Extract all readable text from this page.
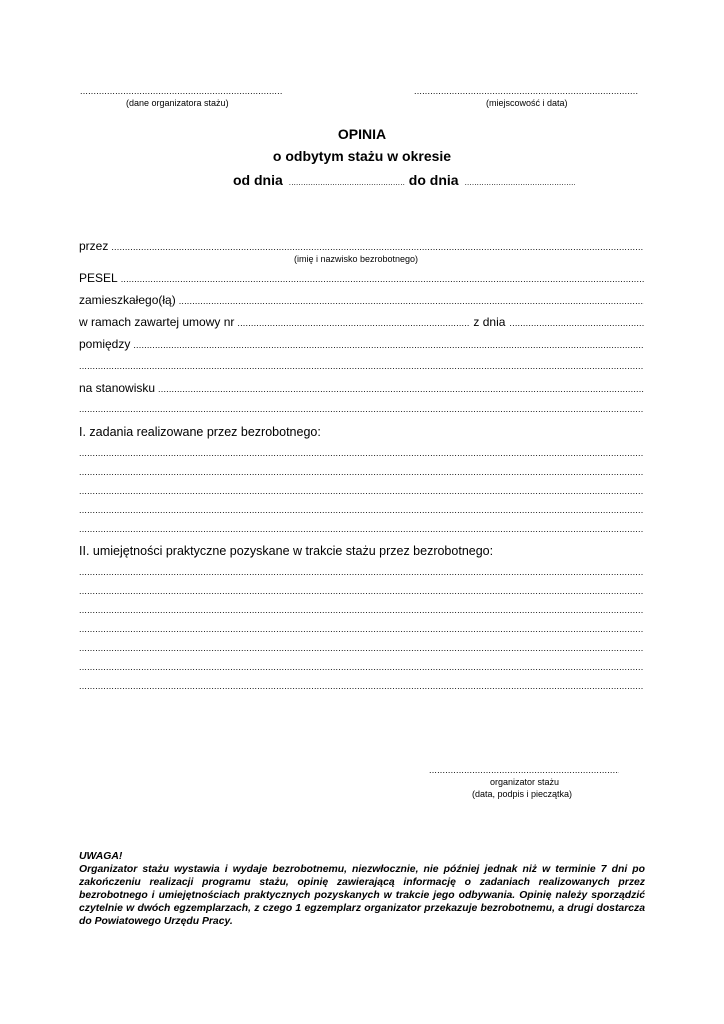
.....
(dane organizatora stażu)
.....	(miejscowość i data)
OPINIA
o odbytym stażu w okresie
od dnia .....	do dnia
.....
przez
.....
(imię i nazwisko bezrobotnego)
PESEL
.....
zamieszkałego(łą)
.....
w ramach zawartej umowy nr .....	z dnia
.....
pomiędzy
.....
.....
na stanowisku
.....
.....
I. zadania realizowane przez bezrobotnego:
.....
.....
.....
.....
.....
II. umiejętności praktyczne pozyskane w trakcie stażu przez bezrobotnego:
.....
.....
.....
.....
.....
.....
.....
.....
organizator stażu
(data, podpis i pieczątka)
UWAGA!
Organizator stażu wystawia i wydaje bezrobotnemu, niezwłocznie, nie później jednak niż w terminie 7 dni po zakończeniu realizacji programu stażu, opinię zawierającą informację o zadaniach realizowanych przez bezrobotnego i umiejętnościach praktycznych pozyskanych w trakcie jego odbywania. Opinię należy sporządzić czytelnie w dwóch egzemplarzach, z czego 1 egzemplarz organizator przekazuje bezrobotnemu, a drugi dostarcza do Powiatowego Urzędu Pracy.
